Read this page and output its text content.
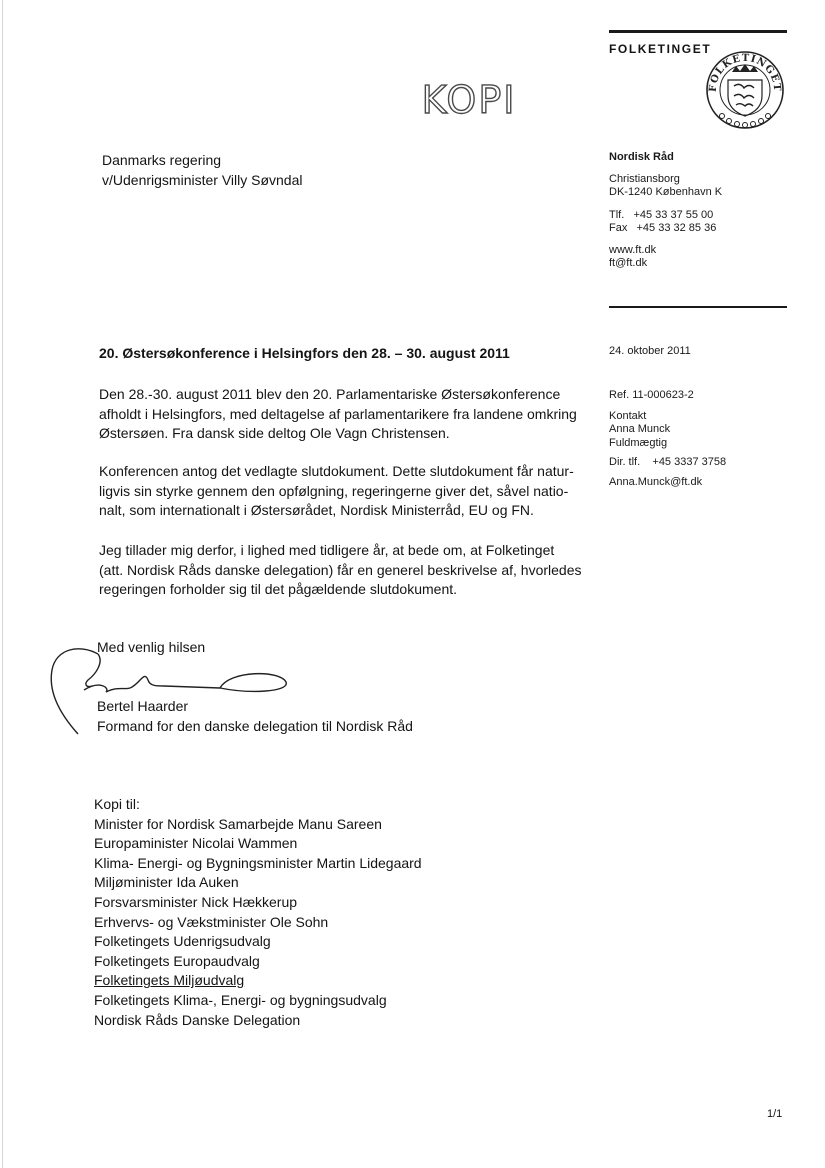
FOLKETINGET
FOLKETINGET
KOPI
Danmarks regering
v/Udenrigsminister Villy Søvndal
Nordisk Råd
Christiansborg
DK-1240 København K
Tlf.   +45 33 37 55 00
Fax   +45 33 32 85 36
www.ft.dk
ft@ft.dk
24. oktober 2011
Ref. 11-000623-2
Kontakt
Anna Munck
Fuldmægtig
Dir. tlf.    +45 3337 3758
Anna.Munck@ft.dk
20. Østersøkonference i Helsingfors den 28. – 30. august 2011
Den 28.-30. august 2011 blev den 20. Parlamentariske Østersøkonference
afholdt i Helsingfors, med deltagelse af parlamentarikere fra landene omkring
Østersøen. Fra dansk side deltog Ole Vagn Christensen.
Konferencen antog det vedlagte slutdokument. Dette slutdokument får natur-
ligvis sin styrke gennem den opfølgning, regeringerne giver det, såvel natio-
nalt, som internationalt i Østersørådet, Nordisk Ministerråd, EU og FN.
Jeg tillader mig derfor, i lighed med tidligere år, at bede om, at Folketinget
(att. Nordisk Råds danske delegation) får en generel beskrivelse af, hvorledes
regeringen forholder sig til det pågældende slutdokument.
Med venlig hilsen
Bertel Haarder
Formand for den danske delegation til Nordisk Råd
Kopi til:
Minister for Nordisk Samarbejde Manu Sareen
Europaminister Nicolai Wammen
Klima- Energi- og Bygningsminister Martin Lidegaard
Miljøminister Ida Auken
Forsvarsminister Nick Hækkerup
Erhvervs- og Vækstminister Ole Sohn
Folketingets Udenrigsudvalg
Folketingets Europaudvalg
Folketingets Miljøudvalg
Folketingets Klima-, Energi- og bygningsudvalg
Nordisk Råds Danske Delegation
1/1
